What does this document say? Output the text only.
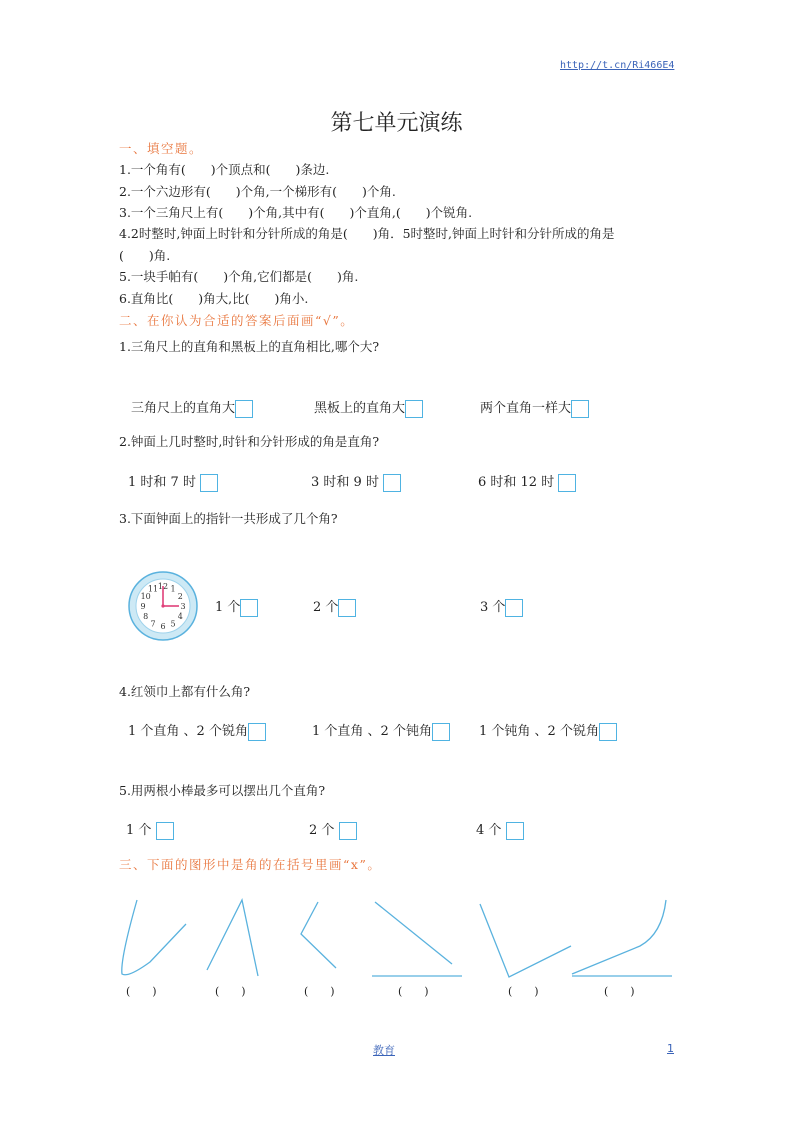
http://t.cn/Ri466E4
第七单元演练
一、填空题。
1.一个角有(　　)个顶点和(　　)条边.
2.一个六边形有(　　)个角,一个梯形有(　　)个角.
3.一个三角尺上有(　　)个角,其中有(　　)个直角,(　　)个锐角.
4.2时整时,钟面上时针和分针所成的角是(　　)角．5时整时,钟面上时针和分针所成的角是
(　　)角.
5.一块手帕有(　　)个角,它们都是(　　)角.
6.直角比(　　)角大,比(　　)角小.
二、在你认为合适的答案后面画“√”。
1.三角尺上的直角和黑板上的直角相比,哪个大?
三角尺上的直角大	黑板上的直角大	两个直角一样大
2.钟面上几时整时,时针和分针形成的角是直角?
1 时和 7 时	3 时和 9 时	6 时和 12 时
3.下面钟面上的指针一共形成了几个角?
12 1
2
3
4
5
6
7
8
9
10
11
1 个	2 个	3 个
4.红领巾上都有什么角?
1 个直角 、2 个锐角	1 个直角 、2 个钝角	1 个钝角 、2 个锐角
5.用两根小棒最多可以摆出几个直角?
1 个	2 个	4 个
三、下面的图形中是角的在括号里画“x”。
(　　)	(　　)	(　　)	(　　)	(　　)	(　　)
教育	1
